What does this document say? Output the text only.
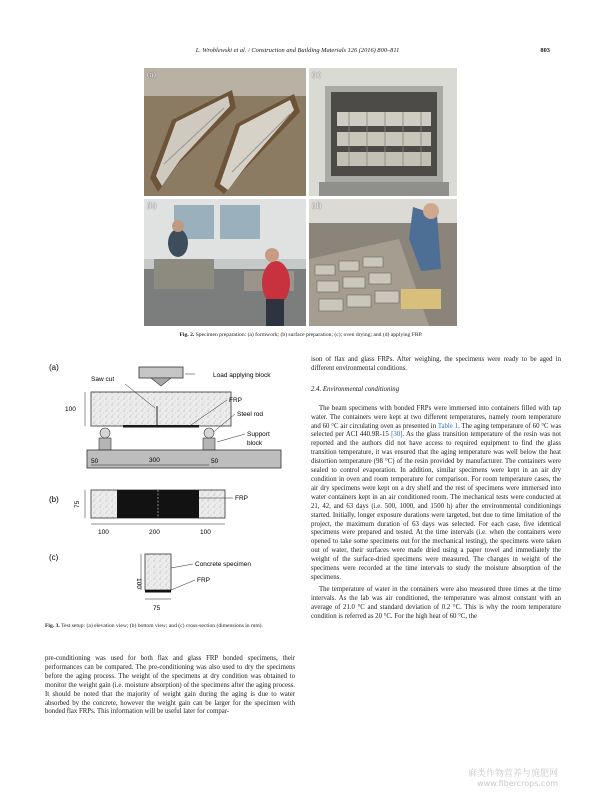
L. Wroblewski et al. / Construction and Building Materials 126 (2016) 800–811	803
(a)	(c)
(b)	(d)
Fig. 2. Specimen preparation: (a) formwork; (b) surface preparation; (c); oven drying; and (d) applying FRP.
(a)
Saw cut
Load applying block
FRP
Steel rod
Support
block
100
50	300	50
(b)	FRP
75
100	200	100
(c)
Concrete specimen
FRP
100
75
Fig. 3. Test setup: (a) elevation view; (b) bottom view; and (c) cross-section (dimensions in mm).

pre-conditioning was used for both flax and glass FRP bonded specimens, their performances can be compared. The pre-conditioning was also used to dry the specimens before the aging process. The weight of the specimens at dry condition was obtained to monitor the weight gain (i.e. moisture absorption) of the specimens after the aging process. It should be noted that the majority of weight gain during the aging is due to water absorbed by the concrete, however the weight gain can be larger for the specimen with bonded flax FRPs. This information will be useful later for compar-

ison of flax and glass FRPs. After weighing, the specimens were ready to be aged in different environmental conditions.

2.4. Environmental conditioning

The beam specimens with bonded FRPs were immersed into containers filled with tap water. The containers were kept at two different temperatures, namely room temperature and 60 °C air circulating oven as presented in Table 1. The aging temperature of 60 °C was selected per ACI 440.9R-15 [30]. As the glass transition temperature of the resin was not reported and the authors did not have access to required equipment to find the glass transition temperature, it was ensured that the aging temperature was well below the heat distortion temperature (98 °C) of the resin provided by manufacturer. The containers were sealed to control evaporation. In addition, similar specimens were kept in an air dry condition in oven and room temperature for comparison. For room temperature cases, the air dry specimens were kept on a dry shelf and the rest of specimens were immersed into water containers kept in an air conditioned room. The mechanical tests were conducted at 21, 42, and 63 days (i.e. 500, 1000, and 1500 h) after the environmental conditionings started. Initially, longer exposure durations were targeted, but due to time limitation of the project, the maximum duration of 63 days was selected. For each case, five identical specimens were prepared and tested. At the time intervals (i.e. when the containers were opened to take some specimens out for the mechanical testing), the specimens were taken out of water, their surfaces were made dried using a paper towel and immediately the weight of the surface-dried specimens were measured. The changes in weight of the specimens were recorded at the time intervals to study the moisture absorption of the specimens.

The temperature of water in the containers were also measured three times at the time intervals. As the lab was air conditioned, the temperature was almost constant with an average of 21.0 °C and standard deviation of 0.2 °C. This is why the room temperature condition is referred as 20 °C. For the high heat of 60 °C, the

麻类作物营养与施肥网
www.fibercrops.com
